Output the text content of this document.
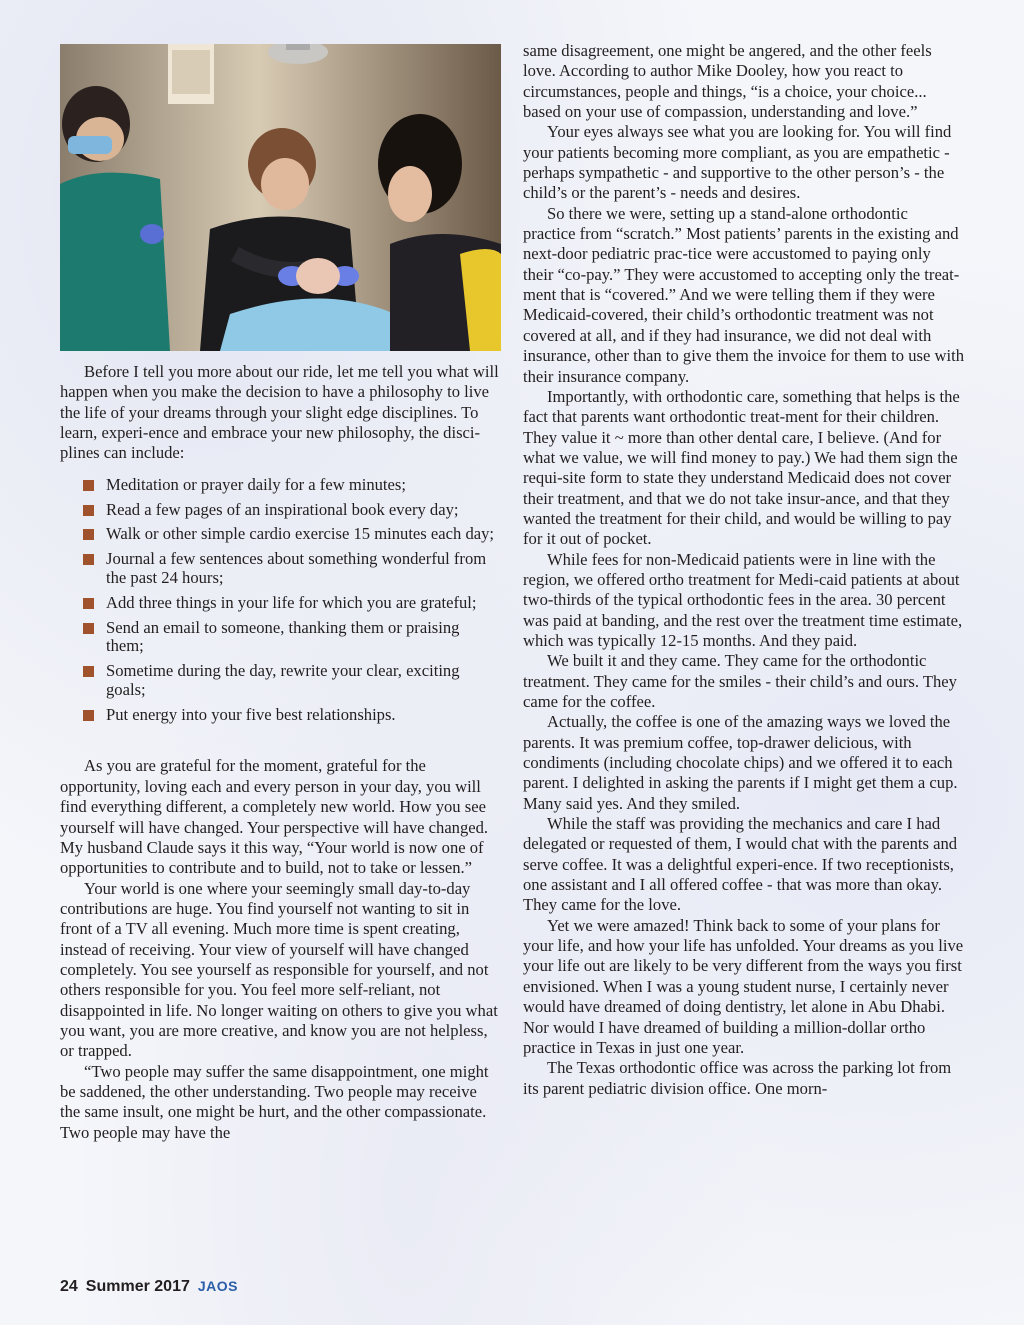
Before I tell you more about our ride, let me tell you what will happen when you make the decision to have a philosophy to live the life of your dreams through your slight edge disciplines. To learn, experi-ence and embrace your new philosophy, the disci-plines can include:

Meditation or prayer daily for a few minutes;
Read a few pages of an inspirational book every day;
Walk or other simple cardio exercise 15 minutes each day;
Journal a few sentences about something wonderful from the past 24 hours;
Add three things in your life for which you are grateful;
Send an email to someone, thanking them or praising them;
Sometime during the day, rewrite your clear, exciting goals;
Put energy into your five best relationships.

As you are grateful for the moment, grateful for the opportunity, loving each and every person in your day, you will find everything different, a completely new world. How you see yourself will have changed. Your perspective will have changed. My husband Claude says it this way, “Your world is now one of opportunities to contribute and to build, not to take or lessen.”

Your world is one where your seemingly small day-to-day contributions are huge. You find yourself not wanting to sit in front of a TV all evening. Much more time is spent creating, instead of receiving. Your view of yourself will have changed completely. You see yourself as responsible for yourself, and not others responsible for you. You feel more self-reliant, not disappointed in life. No longer waiting on others to give you what you want, you are more creative, and know you are not helpless, or trapped.

“Two people may suffer the same disappointment, one might be saddened, the other understanding. Two people may receive the same insult, one might be hurt, and the other compassionate. Two people may have the

same disagreement, one might be angered, and the other feels love. According to author Mike Dooley, how you react to circumstances, people and things, “is a choice, your choice... based on your use of compassion, understanding and love.”

Your eyes always see what you are looking for. You will find your patients becoming more compliant, as you are empathetic - perhaps sympathetic - and supportive to the other person’s - the child’s or the parent’s - needs and desires.

So there we were, setting up a stand-alone orthodontic practice from “scratch.” Most patients’ parents in the existing and next-door pediatric prac-tice were accustomed to paying only their “co-pay.” They were accustomed to accepting only the treat-ment that is “covered.” And we were telling them if they were Medicaid-covered, their child’s orthodontic treatment was not covered at all, and if they had insurance, we did not deal with insurance, other than to give them the invoice for them to use with their insurance company.

Importantly, with orthodontic care, something that helps is the fact that parents want orthodontic treat-ment for their children. They value it ~ more than other dental care, I believe. (And for what we value, we will find money to pay.) We had them sign the requi-site form to state they understand Medicaid does not cover their treatment, and that we do not take insur-ance, and that they wanted the treatment for their child, and would be willing to pay for it out of pocket.

While fees for non-Medicaid patients were in line with the region, we offered ortho treatment for Medi-caid patients at about two-thirds of the typical orthodontic fees in the area. 30 percent was paid at banding, and the rest over the treatment time estimate, which was typically 12-15 months. And they paid.

We built it and they came. They came for the orthodontic treatment. They came for the smiles - their child’s and ours. They came for the coffee.

Actually, the coffee is one of the amazing ways we loved the parents. It was premium coffee, top-drawer delicious, with condiments (including chocolate chips) and we offered it to each parent. I delighted in asking the parents if I might get them a cup. Many said yes. And they smiled.

While the staff was providing the mechanics and care I had delegated or requested of them, I would chat with the parents and serve coffee. It was a delightful experi-ence. If two receptionists, one assistant and I all offered coffee - that was more than okay. They came for the love.

Yet we were amazed! Think back to some of your plans for your life, and how your life has unfolded. Your dreams as you live your life out are likely to be very different from the ways you first envisioned. When I was a young student nurse, I certainly never would have dreamed of doing dentistry, let alone in Abu Dhabi. Nor would I have dreamed of building a million-dollar ortho practice in Texas in just one year.

The Texas orthodontic office was across the parking lot from its parent pediatric division office. One morn-

24 Summer 2017 JAOS
